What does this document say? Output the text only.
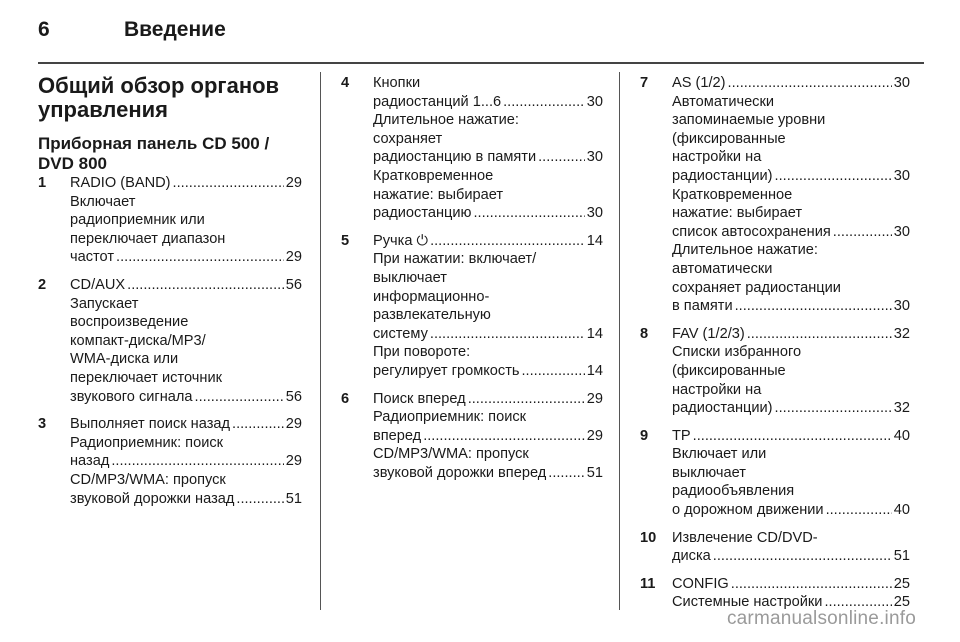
6	Введение
Общий обзор органов
управления
Приборная панель CD 500 /
DVD 800
1	RADIO (BAND) .....	29
Включает
радиоприемник или
переключает диапазон
частот .....	29
2	CD/AUX .....	56
Запускает
воспроизведение
компакт-диска/MP3/
WMA-диска или
переключает источник
звукового сигнала .....	56
3	Выполняет поиск назад .....	29
Радиоприемник: поиск
назад .....	29
CD/MP3/WMA: пропуск
звуковой дорожки назад .....	51
4	Кнопки
радиостанций 1...6 .....	30
Длительное нажатие:
сохраняет
радиостанцию в памяти .....	30
Кратковременное
нажатие: выбирает
радиостанцию .....	30
5	Ручка ⏻ .....	14
При нажатии: включает/
выключает
информационно-
развлекательную
систему .....	14
При повороте:
регулирует громкость .....	14
6	Поиск вперед .....	29
Радиоприемник: поиск
вперед .....	29
CD/MP3/WMA: пропуск
звуковой дорожки вперед .....	51
7	AS (1/2) .....	30
Автоматически
запоминаемые уровни
(фиксированные
настройки на
радиостанции) .....	30
Кратковременное
нажатие: выбирает
список автосохранения .....	30
Длительное нажатие:
автоматически
сохраняет радиостанции
в памяти .....	30
8	FAV (1/2/3) .....	32
Списки избранного
(фиксированные
настройки на
радиостанции) .....	32
9	TP .....	40
Включает или
выключает
радиообъявления
о дорожном движении .....	40
10	Извлечение CD/DVD-
диска .....	51
11	CONFIG .....	25
Системные настройки .....	25
carmanualsonline.info
